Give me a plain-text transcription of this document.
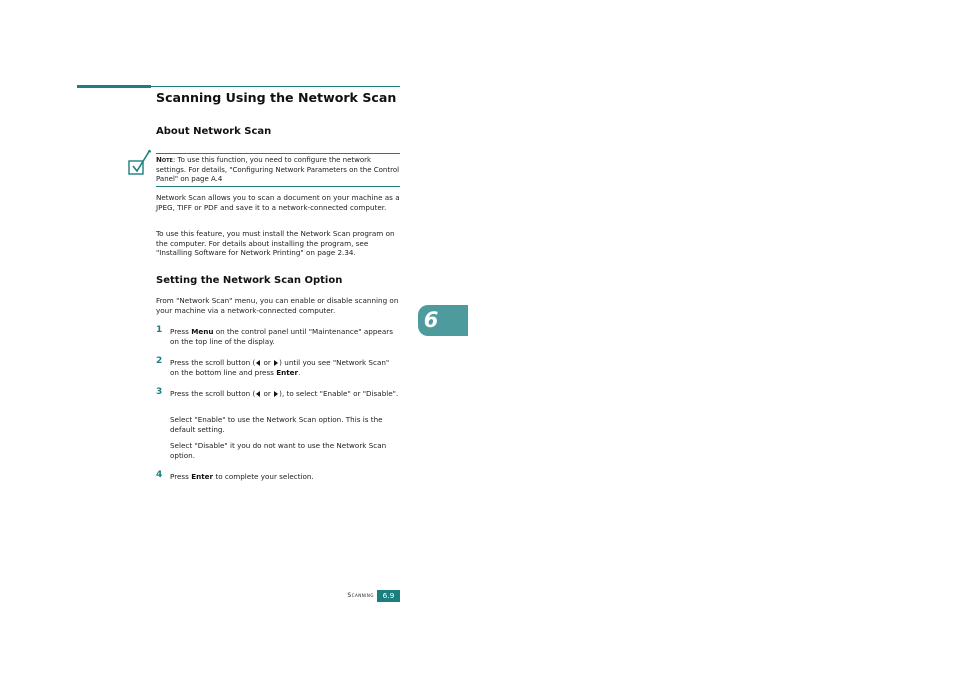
Scanning Using the Network Scan
About Network Scan
Note: To use this function, you need to configure the network settings. For details, "Configuring Network Parameters on the Control Panel" on page A.4
Network Scan allows you to scan a document on your machine as a JPEG, TIFF or PDF and save it to a network-connected computer.
To use this feature, you must install the Network Scan program on the computer. For details about installing the program, see "Installing Software for Network Printing" on page 2.34.
Setting the Network Scan Option
From "Network Scan" menu, you can enable or disable scanning on your machine via a network-connected computer.
1 Press Menu on the control panel until "Maintenance" appears on the top line of the display.
2 Press the scroll button ( or ) until you see "Network Scan" on the bottom line and press Enter.
3 Press the scroll button ( or ), to select "Enable" or "Disable".
Select "Enable" to use the Network Scan option. This is the default setting.
Select "Disable" it you do not want to use the Network Scan option.
4 Press Enter to complete your selection.
6
Scanning	6.9
